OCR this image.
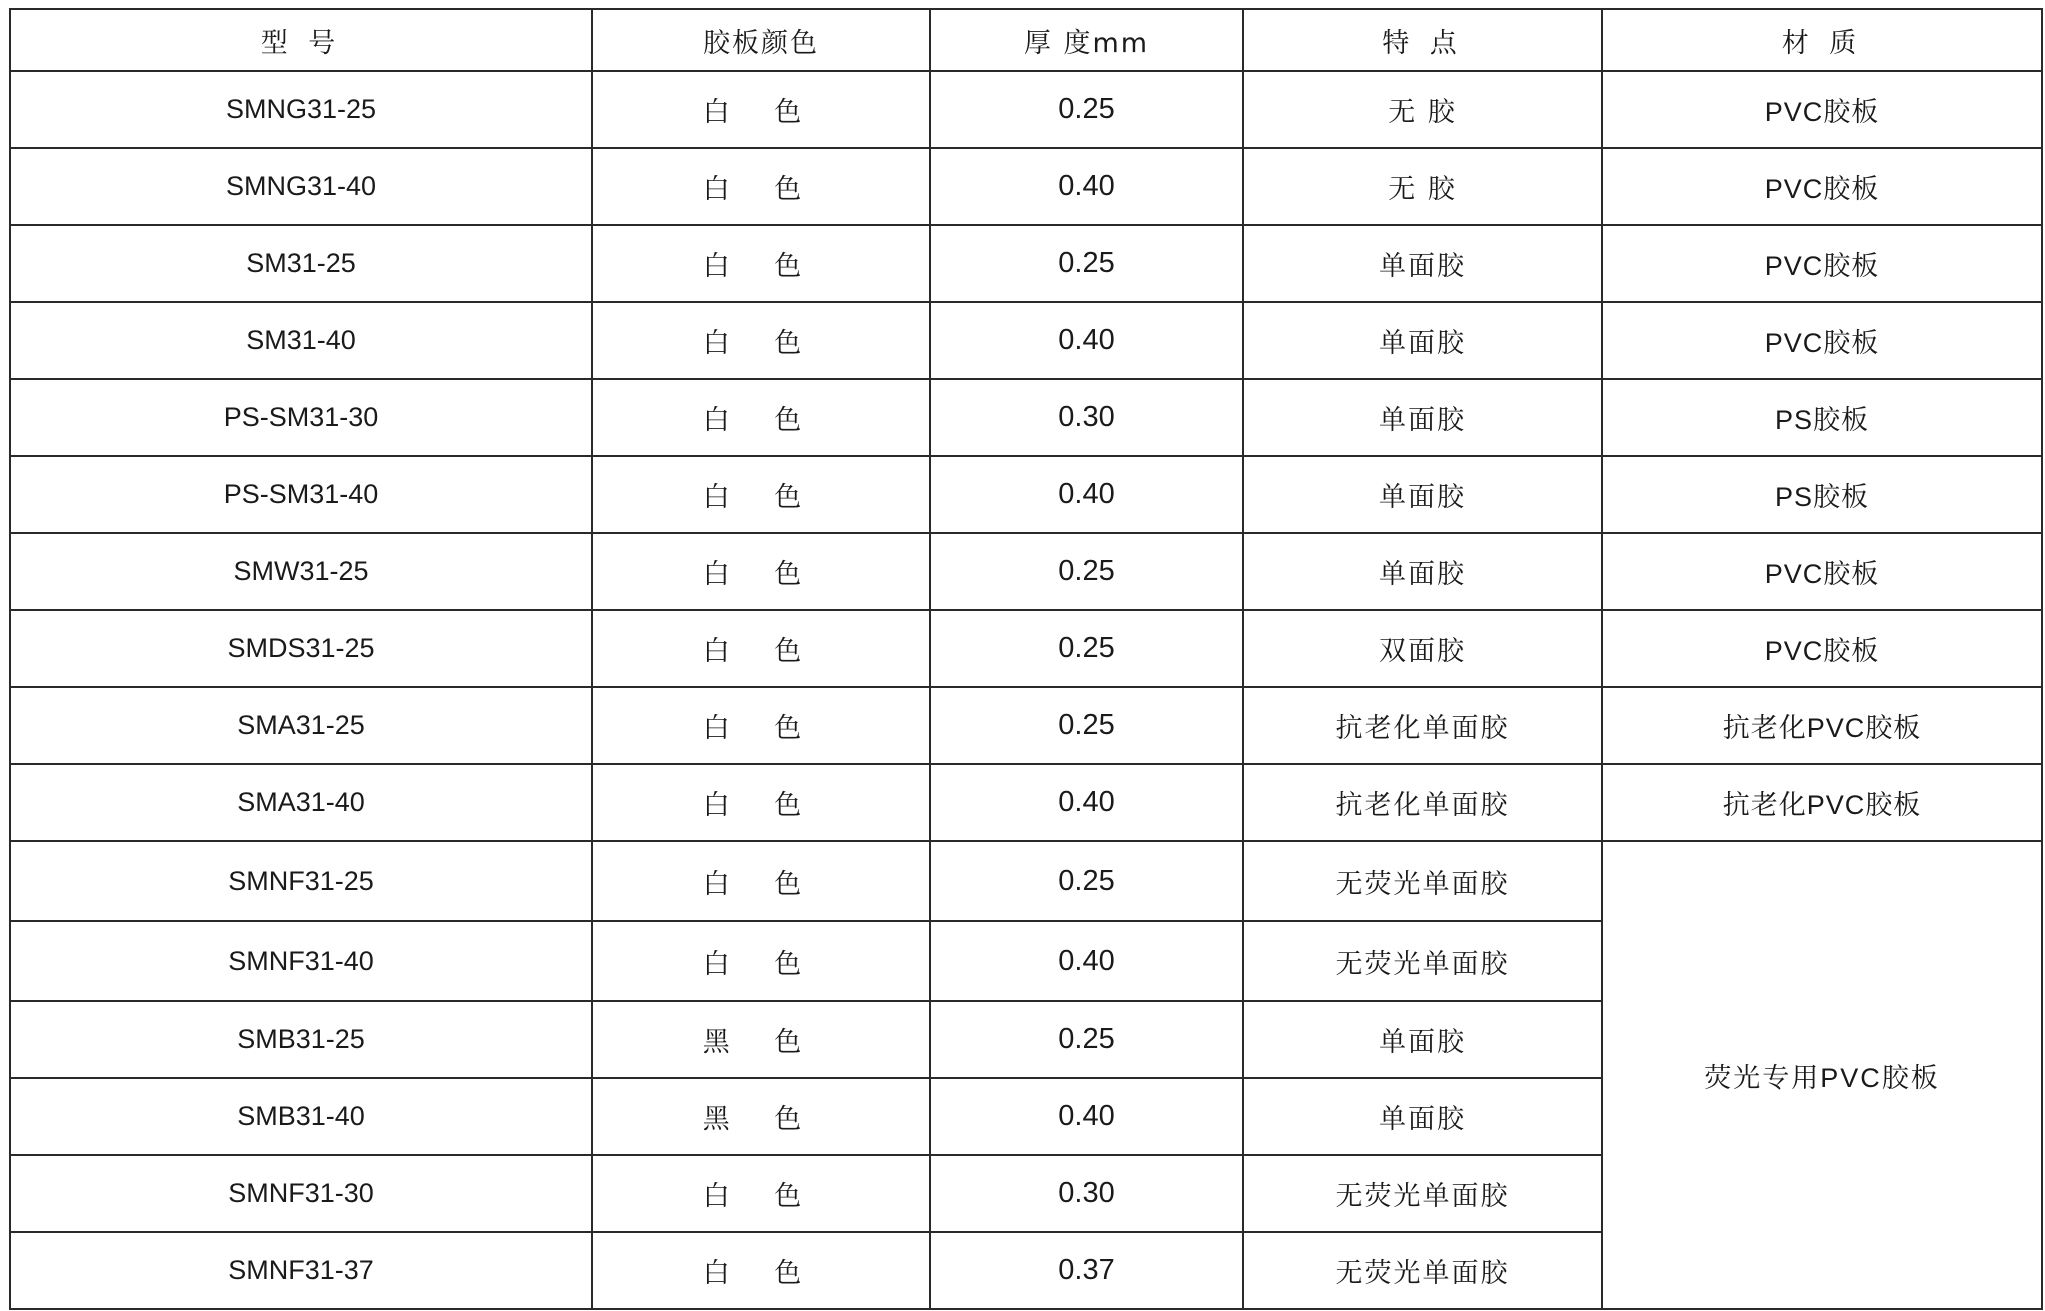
型 号	胶板颜色	厚 度mm	特 点	材 质
SMNG31-25	白 色	0.25	无 胶	PVC胶板
SMNG31-40	白 色	0.40	无 胶	PVC胶板
SM31-25	白 色	0.25	单面胶	PVC胶板
SM31-40	白 色	0.40	单面胶	PVC胶板
PS-SM31-30	白 色	0.30	单面胶	PS胶板
PS-SM31-40	白 色	0.40	单面胶	PS胶板
SMW31-25	白 色	0.25	单面胶	PVC胶板
SMDS31-25	白 色	0.25	双面胶	PVC胶板
SMA31-25	白 色	0.25	抗老化单面胶	抗老化PVC胶板
SMA31-40	白 色	0.40	抗老化单面胶	抗老化PVC胶板
SMNF31-25	白 色	0.25	无荧光单面胶	荧光专用PVC胶板
SMNF31-40	白 色	0.40	无荧光单面胶	
SMB31-25	黑 色	0.25	单面胶	
SMB31-40	黑 色	0.40	单面胶	
SMNF31-30	白 色	0.30	无荧光单面胶	
SMNF31-37	白 色	0.37	无荧光单面胶	
